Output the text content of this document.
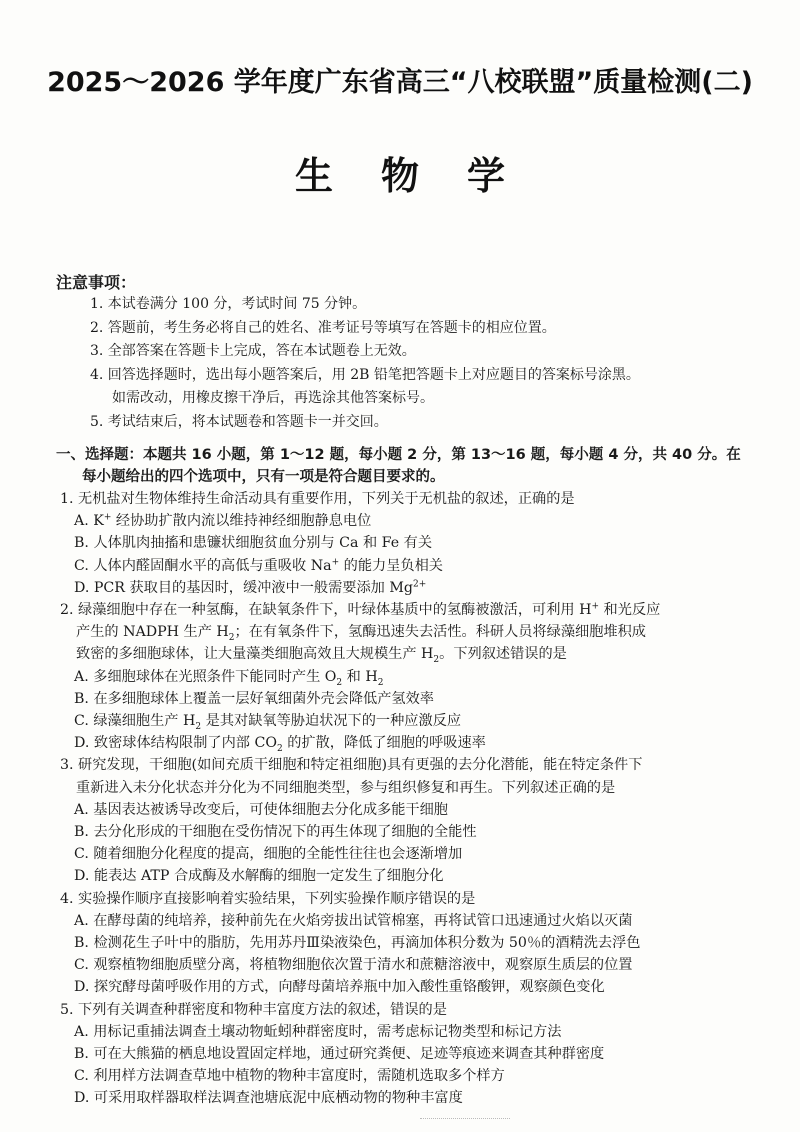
2025～2026 学年度广东省高三“八校联盟”质量检测(二)
生 物 学
注意事项：
1. 本试卷满分 100 分，考试时间 75 分钟。
2. 答题前，考生务必将自己的姓名、准考证号等填写在答题卡的相应位置。
3. 全部答案在答题卡上完成，答在本试题卷上无效。
4. 回答选择题时，选出每小题答案后，用 2B 铅笔把答题卡上对应题目的答案标号涂黑。
如需改动，用橡皮擦干净后，再选涂其他答案标号。
5. 考试结束后，将本试题卷和答题卡一并交回。
一、选择题：本题共 16 小题，第 1～12 题，每小题 2 分，第 13～16 题，每小题 4 分，共 40 分。在
每小题给出的四个选项中，只有一项是符合题目要求的。
1. 无机盐对生物体维持生命活动具有重要作用，下列关于无机盐的叙述，正确的是
A. K+ 经协助扩散内流以维持神经细胞静息电位
B. 人体肌肉抽搐和患镰状细胞贫血分别与 Ca 和 Fe 有关
C. 人体内醛固酮水平的高低与重吸收 Na+ 的能力呈负相关
D. PCR 获取目的基因时，缓冲液中一般需要添加 $Mg^{2+}$
2. 绿藻细胞中存在一种氢酶，在缺氧条件下，叶绿体基质中的氢酶被激活，可利用 H+ 和光反应
产生的 NADPH 生产 $H_2$；在有氧条件下，氢酶迅速失去活性。科研人员将绿藻细胞堆积成
致密的多细胞球体，让大量藻类细胞高效且大规模生产 $H_2$。下列叙述错误的是
A. 多细胞球体在光照条件下能同时产生 $O_2$ 和 $H_2$
B. 在多细胞球体上覆盖一层好氧细菌外壳会降低产氢效率
C. 绿藻细胞生产 $H_2$ 是其对缺氧等胁迫状况下的一种应激反应
D. 致密球体结构限制了内部 $CO_2$ 的扩散，降低了细胞的呼吸速率
3. 研究发现，干细胞(如间充质干细胞和特定祖细胞)具有更强的去分化潜能，能在特定条件下
重新进入未分化状态并分化为不同细胞类型，参与组织修复和再生。下列叙述正确的是
A. 基因表达被诱导改变后，可使体细胞去分化成多能干细胞
B. 去分化形成的干细胞在受伤情况下的再生体现了细胞的全能性
C. 随着细胞分化程度的提高，细胞的全能性往往也会逐渐增加
D. 能表达 ATP 合成酶及水解酶的细胞一定发生了细胞分化
4. 实验操作顺序直接影响着实验结果，下列实验操作顺序错误的是
A. 在酵母菌的纯培养，接种前先在火焰旁拔出试管棉塞，再将试管口迅速通过火焰以灭菌
B. 检测花生子叶中的脂肪，先用苏丹Ⅲ染液染色，再滴加体积分数为 50％的酒精洗去浮色
C. 观察植物细胞质壁分离，将植物细胞依次置于清水和蔗糖溶液中，观察原生质层的位置
D. 探究酵母菌呼吸作用的方式，向酵母菌培养瓶中加入酸性重铬酸钾，观察颜色变化
5. 下列有关调查种群密度和物种丰富度方法的叙述，错误的是
A. 用标记重捕法调查土壤动物蚯蚓种群密度时，需考虑标记物类型和标记方法
B. 可在大熊猫的栖息地设置固定样地，通过研究粪便、足迹等痕迹来调查其种群密度
C. 利用样方法调查草地中植物的物种丰富度时，需随机选取多个样方
D. 可采用取样器取样法调查池塘底泥中底栖动物的物种丰富度
